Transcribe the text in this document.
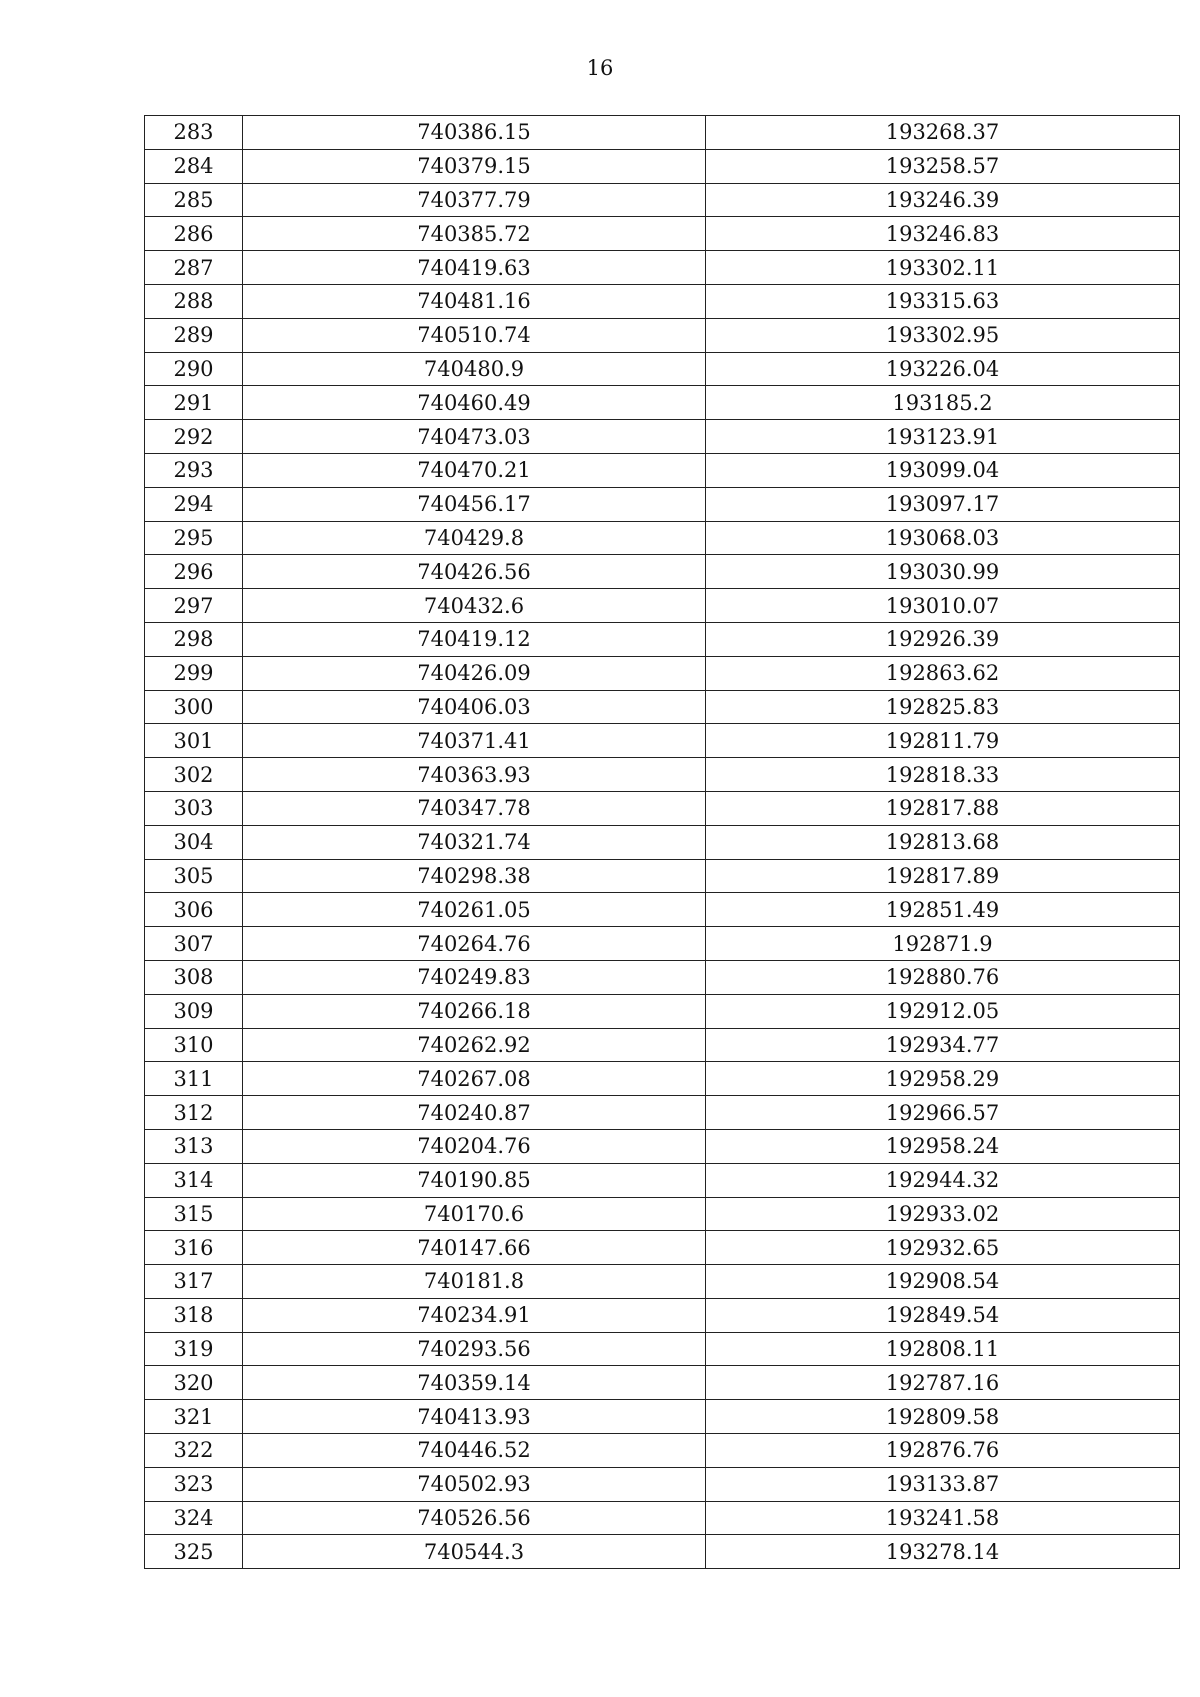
16
283	740386.15	193268.37
284	740379.15	193258.57
285	740377.79	193246.39
286	740385.72	193246.83
287	740419.63	193302.11
288	740481.16	193315.63
289	740510.74	193302.95
290	740480.9	193226.04
291	740460.49	193185.2
292	740473.03	193123.91
293	740470.21	193099.04
294	740456.17	193097.17
295	740429.8	193068.03
296	740426.56	193030.99
297	740432.6	193010.07
298	740419.12	192926.39
299	740426.09	192863.62
300	740406.03	192825.83
301	740371.41	192811.79
302	740363.93	192818.33
303	740347.78	192817.88
304	740321.74	192813.68
305	740298.38	192817.89
306	740261.05	192851.49
307	740264.76	192871.9
308	740249.83	192880.76
309	740266.18	192912.05
310	740262.92	192934.77
311	740267.08	192958.29
312	740240.87	192966.57
313	740204.76	192958.24
314	740190.85	192944.32
315	740170.6	192933.02
316	740147.66	192932.65
317	740181.8	192908.54
318	740234.91	192849.54
319	740293.56	192808.11
320	740359.14	192787.16
321	740413.93	192809.58
322	740446.52	192876.76
323	740502.93	193133.87
324	740526.56	193241.58
325	740544.3	193278.14
